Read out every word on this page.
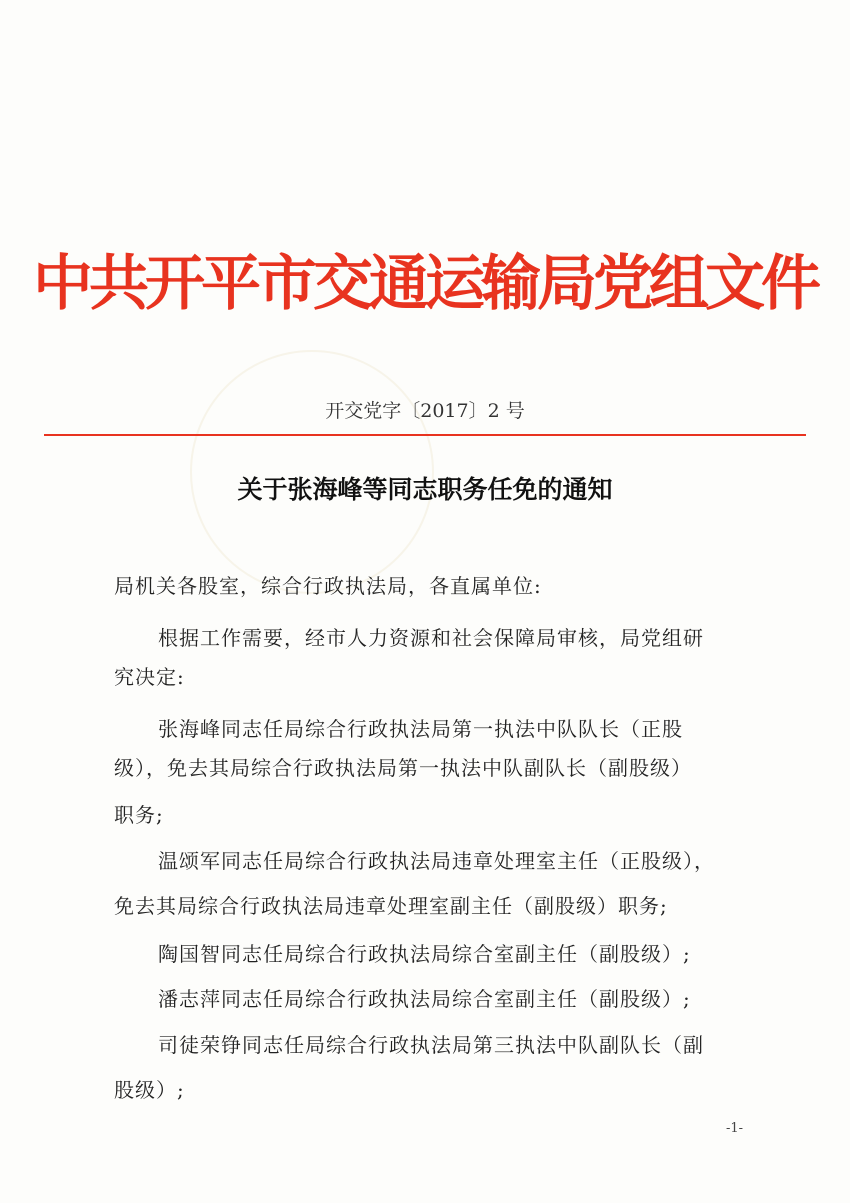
中共开平市交通运输局党组文件
开交党字〔2017〕2 号
关于张海峰等同志职务任免的通知
局机关各股室，综合行政执法局，各直属单位:
根据工作需要，经市人力资源和社会保障局审核，局党组研
究决定:
张海峰同志任局综合行政执法局第一执法中队队长（正股
级），免去其局综合行政执法局第一执法中队副队长（副股级）
职务;
温颂军同志任局综合行政执法局违章处理室主任（正股级），
免去其局综合行政执法局违章处理室副主任（副股级）职务;
陶国智同志任局综合行政执法局综合室副主任（副股级）;
潘志萍同志任局综合行政执法局综合室副主任（副股级）;
司徒荣铮同志任局综合行政执法局第三执法中队副队长（副
股级）;
-1-
